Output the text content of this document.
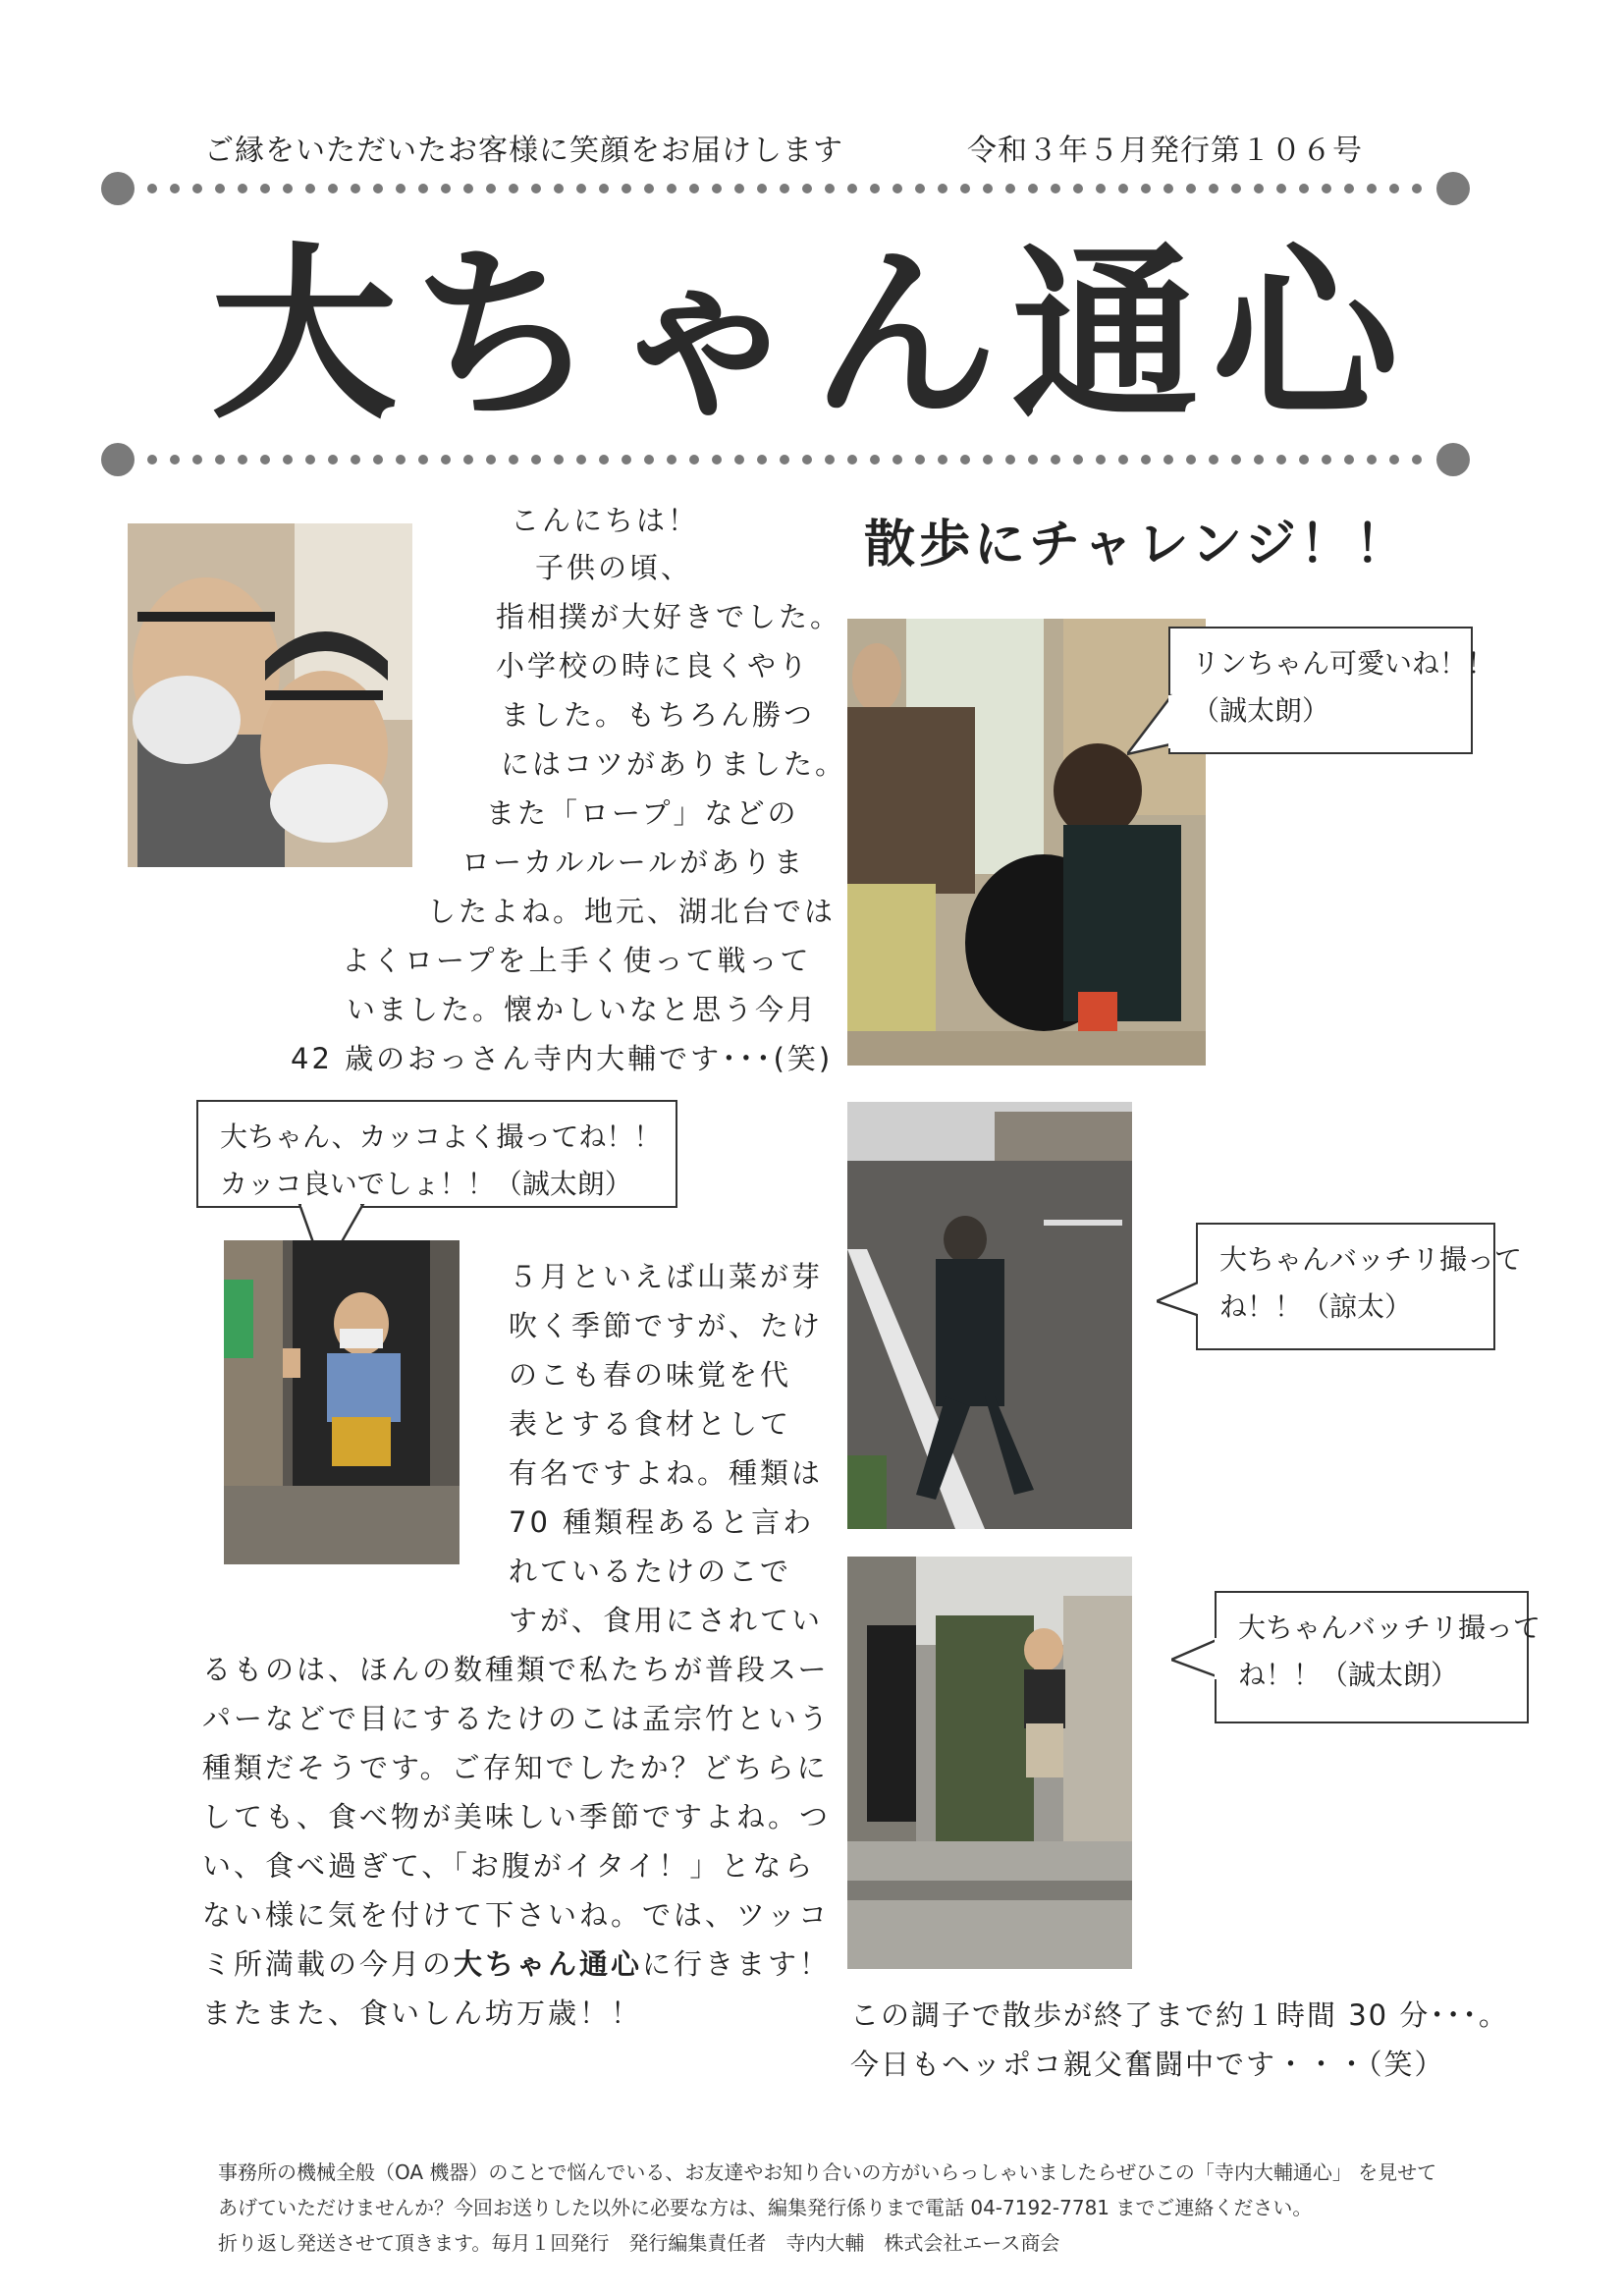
ご縁をいただいたお客様に笑顔をお届けします	令和３年５月発行第１０６号
大ちゃん通心
こんにちは！
子供の頃、
指相撲が大好きでした。
小学校の時に良くやり
ました。もちろん勝つ
にはコツがありました。
また「ロープ」などの
ローカルルールがありま
したよね。地元、湖北台では
よくロープを上手く使って戦って
いました。懐かしいなと思う今月
42 歳のおっさん寺内大輔です･･･(笑)
大ちゃん、カッコよく撮ってね！！
カッコ良いでしょ！！（誠太朗）
５月といえば山菜が芽
吹く季節ですが、たけ
のこも春の味覚を代
表とする食材として
有名ですよね。種類は
70 種類程あると言わ
れているたけのこで
すが、食用にされてい
るものは、ほんの数種類で私たちが普段スー
パーなどで目にするたけのこは孟宗竹という
種類だそうです。ご存知でしたか？どちらに
しても、食べ物が美味しい季節ですよね。つ
い、食べ過ぎて、「お腹がイタイ！」となら
ない様に気を付けて下さいね。では、ツッコ
ミ所満載の今月の大ちゃん通心に行きます！
またまた、食いしん坊万歳！！
散歩にチャレンジ！！
リンちゃん可愛いね！！
（誠太朗）
大ちゃんバッチリ撮って
ね！！（諒太）
大ちゃんバッチリ撮って
ね！！（誠太朗）
この調子で散歩が終了まで約１時間 30 分･･･。
今日もヘッポコ親父奮闘中です・・・（笑）
事務所の機械全般（OA 機器）のことで悩んでいる、お友達やお知り合いの方がいらっしゃいましたらぜひこの「寺内大輔通心」 を見せて
あげていただけませんか？今回お送りした以外に必要な方は、編集発行係りまで電話 04-7192-7781 までご連絡ください。
折り返し発送させて頂きます。毎月１回発行　発行編集責任者　寺内大輔　株式会社エース商会
